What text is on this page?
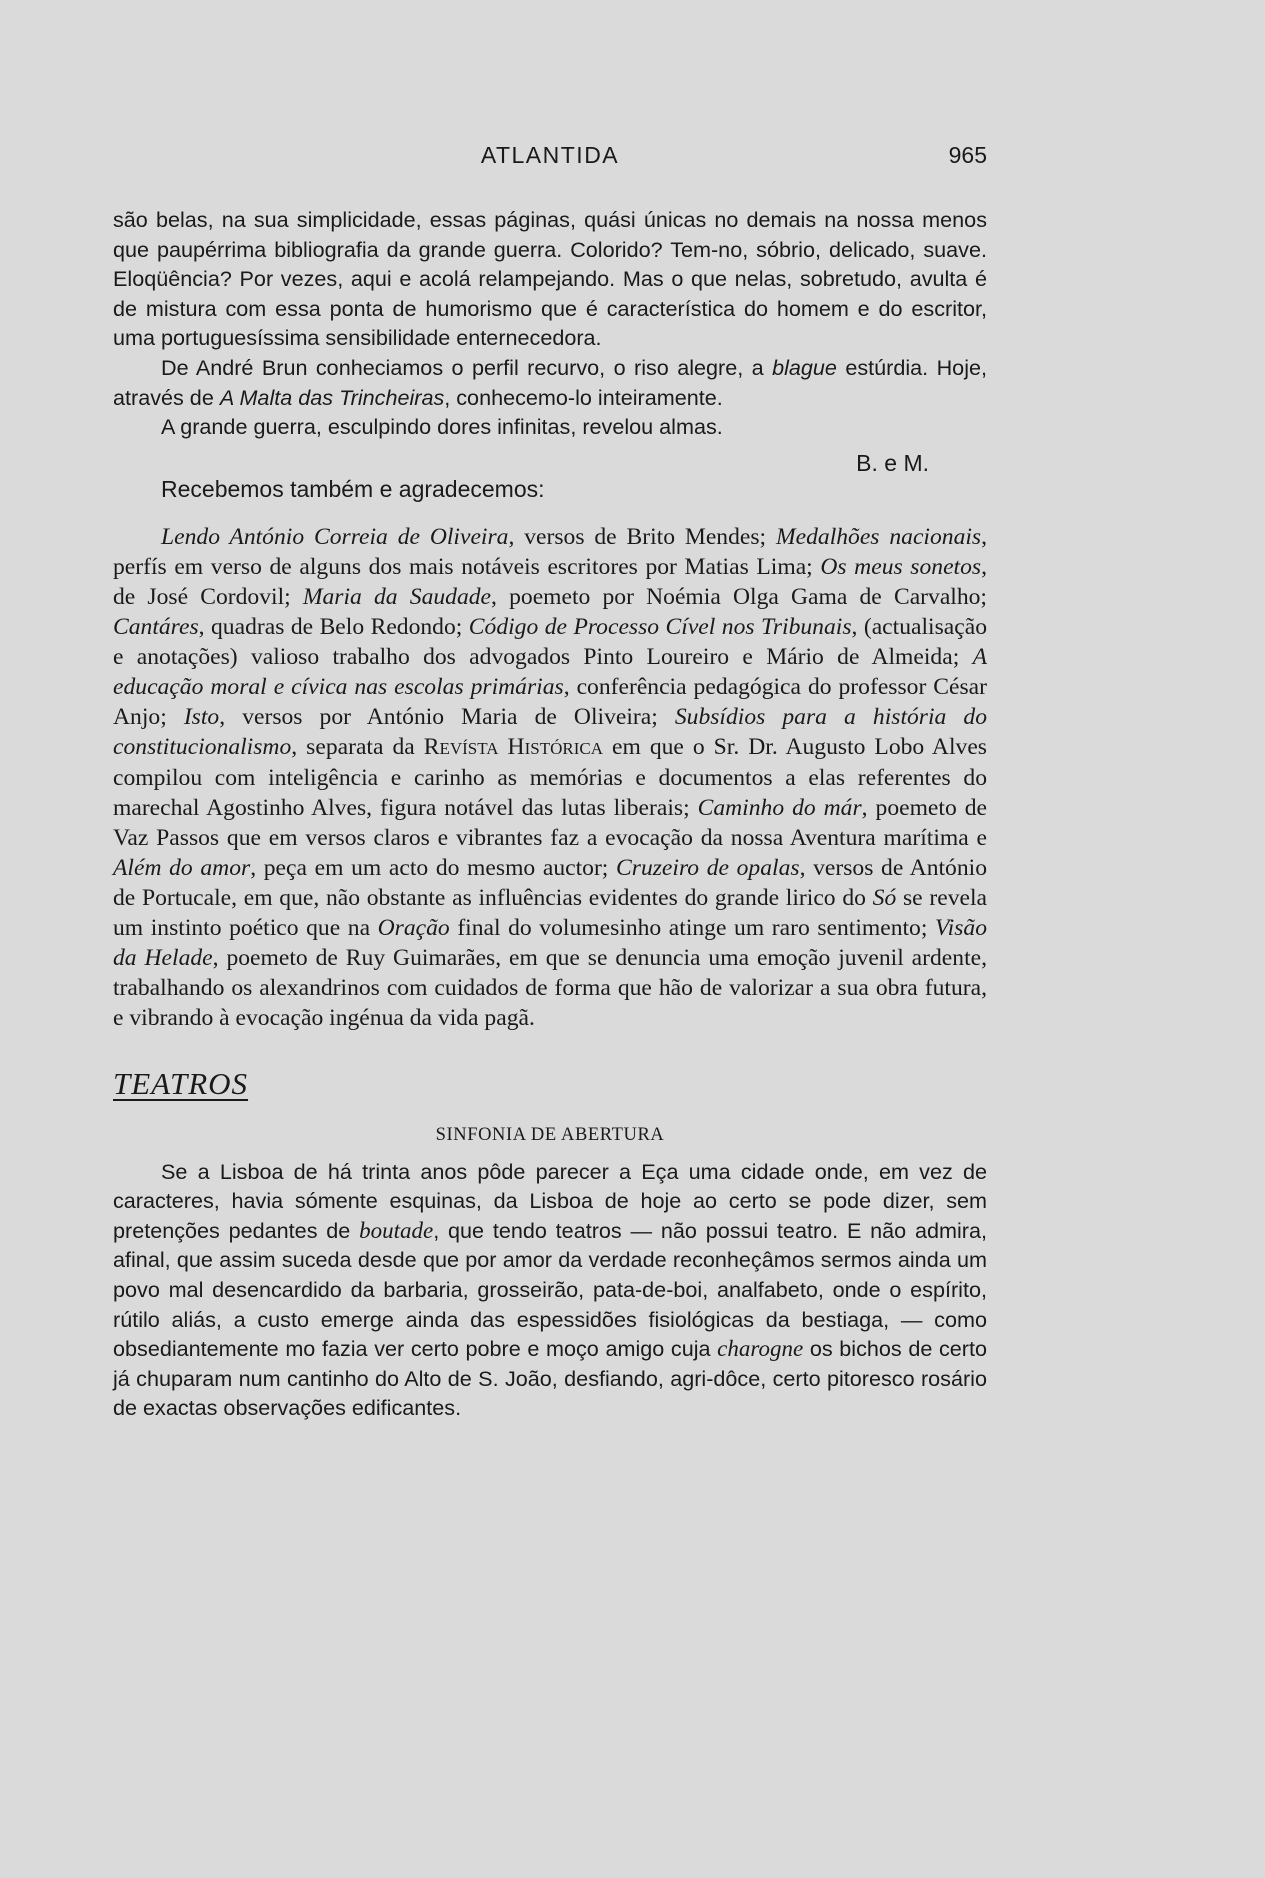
ATLANTIDA	965

são belas, na sua simplicidade, essas páginas, quási únicas no demais na nossa menos que paupérrima bibliografia da grande guerra. Colorido? Tem-no, sóbrio, delicado, suave. Eloqüência? Por vezes, aqui e acolá relampejando. Mas o que nelas, sobretudo, avulta é de mistura com essa ponta de humorismo que é característica do homem e do escritor, uma portuguesíssima sensibilidade enternecedora.

De André Brun conheciamos o perfil recurvo, o riso alegre, a blague estúrdia. Hoje, através de A Malta das Trincheiras, conhecemo-lo inteiramente.

A grande guerra, esculpindo dores infinitas, revelou almas.

B. e M.
Recebemos também e agradecemos:

Lendo António Correia de Oliveira, versos de Brito Mendes; Medalhões nacionais, perfís em verso de alguns dos mais notáveis escritores por Matias Lima; Os meus sonetos, de José Cordovil; Maria da Saudade, poemeto por Noémia Olga Gama de Carvalho; Cantáres, quadras de Belo Redondo; Código de Processo Cível nos Tribunais, (actualisação e anotações) valioso trabalho dos advogados Pinto Loureiro e Mário de Almeida; A educação moral e cívica nas escolas primárias, conferência pedagógica do professor César Anjo; Isto, versos por António Maria de Oliveira; Subsídios para a história do constitucionalismo, separata da Revísta Histórica em que o Sr. Dr. Augusto Lobo Alves compilou com inteligência e carinho as memórias e documentos a elas referentes do marechal Agostinho Alves, figura notável das lutas liberais; Caminho do már, poemeto de Vaz Passos que em versos claros e vibrantes faz a evocação da nossa Aventura marítima e Além do amor, peça em um acto do mesmo auctor; Cruzeiro de opalas, versos de António de Portucale, em que, não obstante as influências evidentes do grande lirico do Só se revela um instinto poético que na Oração final do volumesinho atinge um raro sentimento; Visão da Helade, poemeto de Ruy Guimarães, em que se denuncia uma emoção juvenil ardente, trabalhando os alexandrinos com cuidados de forma que hão de valorizar a sua obra futura, e vibrando à evocação ingénua da vida pagã.

TEATROS
SINFONIA DE ABERTURA

Se a Lisboa de há trinta anos pôde parecer a Eça uma cidade onde, em vez de caracteres, havia sómente esquinas, da Lisboa de hoje ao certo se pode dizer, sem pretenções pedantes de boutade, que tendo teatros — não possui teatro. E não admira, afinal, que assim suceda desde que por amor da verdade reconheçâmos sermos ainda um povo mal desencardido da barbaria, grosseirão, pata-de-boi, analfabeto, onde o espírito, rútilo aliás, a custo emerge ainda das espessidões fisiológicas da bestiaga, — como obsediantemente mo fazia ver certo pobre e moço amigo cuja charogne os bichos de certo já chuparam num cantinho do Alto de S. João, desfiando, agri-dôce, certo pitoresco rosário de exactas observações edificantes.
